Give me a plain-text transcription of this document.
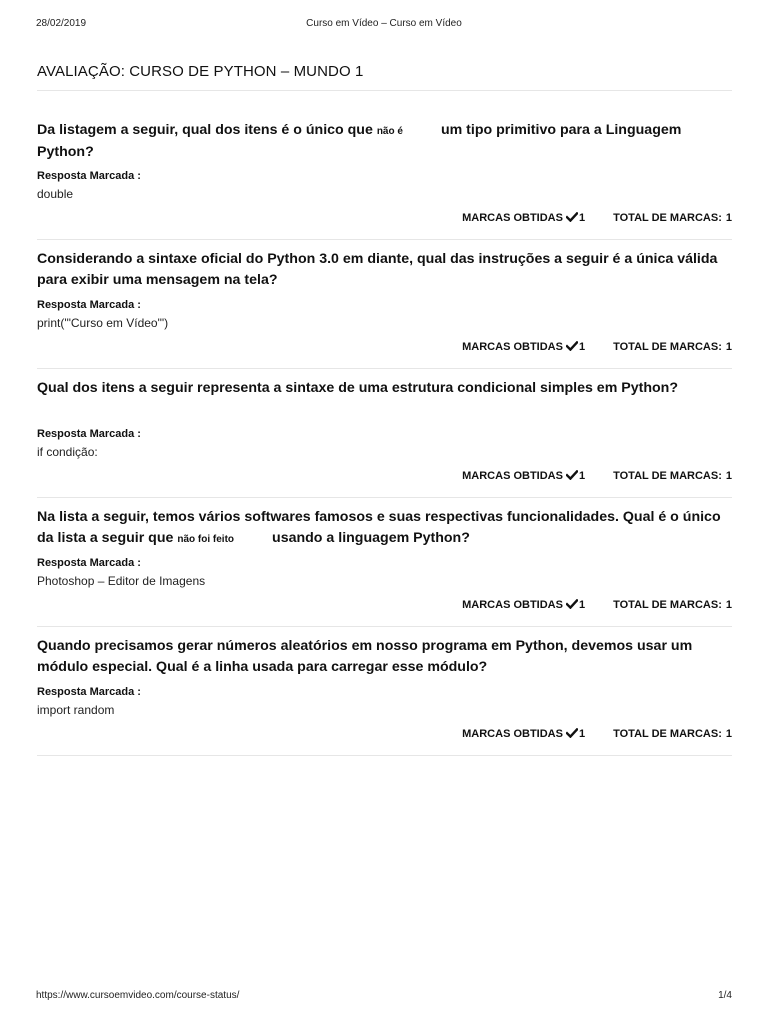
28/02/2019	Curso em Vídeo – Curso em Vídeo
AVALIAÇÃO: CURSO DE PYTHON – MUNDO 1

Da listagem a seguir, qual dos itens é o único que não é	um tipo primitivo para a Linguagem Python?

Resposta Marcada :
double
MARCAS OBTIDAS 1	TOTAL DE MARCAS: 1

Considerando a sintaxe oficial do Python 3.0 em diante, qual das instruções a seguir é a única válida para exibir uma mensagem na tela?

Resposta Marcada :
print('"Curso em Vídeo"')
MARCAS OBTIDAS 1	TOTAL DE MARCAS: 1

Qual dos itens a seguir representa a sintaxe de uma estrutura condicional simples em Python?

Resposta Marcada :
if condição:
MARCAS OBTIDAS 1	TOTAL DE MARCAS: 1

Na lista a seguir, temos vários softwares famosos e suas respectivas funcionalidades. Qual é o único da lista a seguir que não foi feito	usando a linguagem Python?

Resposta Marcada :
Photoshop – Editor de Imagens
MARCAS OBTIDAS 1	TOTAL DE MARCAS: 1

Quando precisamos gerar números aleatórios em nosso programa em Python, devemos usar um módulo especial. Qual é a linha usada para carregar esse módulo?

Resposta Marcada :
import random
MARCAS OBTIDAS 1	TOTAL DE MARCAS: 1
https://www.cursoemvideo.com/course-status/	1/4
